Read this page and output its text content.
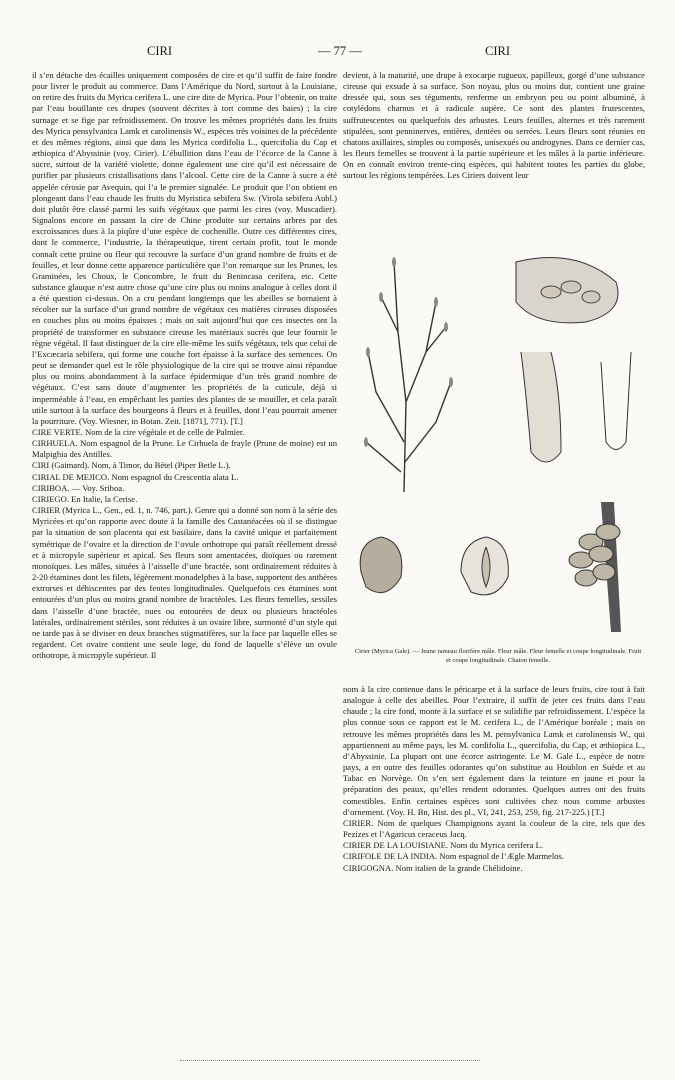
CIRI	— 77 —	CIRI

il s’en détache des écailles uniquement composées de cire et qu’il suffit de faire fondre pour livrer le produit au commerce. Dans l’Amérique du Nord, surtout à la Louisiane, on retire des fruits du Myrica cerifera L. une cire dite de Myrica. Pour l’obtenir, on traite par l’eau bouillante ces drupes (souvent décrites à tort comme des baies) ; la cire surnage et se fige par refroidissement. On trouve les mêmes propriétés dans les fruits des Myrica pensylvanica Lamk et carolinensis W., espèces très voisines de la précédente et des mêmes régions, ainsi que dans les Myrica cordifolia L., quercifolia du Cap et æthiopica d’Abyssinie (voy. Cirier). L’ébullition dans l’eau de l’écorce de la Canne à sucre, surtout de la variété violette, donne également une cire qu’il est nécessaire de purifier par plusieurs cristallisations dans l’alcool. Cette cire de la Canne à sucre a été appelée cérosie par Avequin, qui l’a le premier signalée. Le produit que l’on obtient en plongeant dans l’eau chaude les fruits du Myristica sebifera Sw. (Virola sebifera Aubl.) doit plutôt être classé parmi les suifs végétaux que parmi les cires (voy. Muscadier). Signalons encore en passant la cire de Chine produite sur certains arbres par des excroissances dues à la piqûre d’une espèce de cochenille. Outre ces différentes cires, dont le commerce, l’industrie, la thérapeutique, tirent certain profit, tout le monde connaît cette pruine ou fleur qui recouvre la surface d’un grand nombre de fruits et de feuilles, et leur donne cette apparence particulière que l’on remarque sur les Prunes, les Graminées, les Choux, le Concombre, le fruit du Benincasa cerifera, etc. Cette substance glauque n’est autre chose qu’une cire plus ou moins analogue à celles dont il a été question ci-dessus. On a cru pendant longtemps que les abeilles se bornaient à récolter sur la surface d’un grand nombre de végétaux ces matières cireuses disposées en couches plus ou moins épaisses ; mais on sait aujourd’hui que ces insectes ont la propriété de transformer en substance cireuse les matériaux sucrés que leur fournit le règne végétal. Il faut distinguer de la cire elle-même les suifs végétaux, tels que celui de l’Excæcaria sebifera, qui forme une couche fort épaisse à la surface des semences. On peut se demander quel est le rôle physiologique de la cire qui se trouve ainsi répandue plus ou moins abondamment à la surface épidermique d’un très grand nombre de végétaux. C’est sans doute d’augmenter les propriétés de la cuticule, déjà si imperméable à l’eau, en empêchant les parties des plantes de se mouiller, et cela paraît utile surtout à la surface des bourgeons à fleurs et à feuilles, dont l’eau pourrait amener la pourriture. (Voy. Wiesner, in Botan. Zeit. [1871], 771). [T.]

CIRE VERTE. Nom de la cire végétale et de celle de Palmier.

CIRHUELA. Nom espagnol de la Prune. Le Cirhuela de frayle (Prune de moine) est un Malpighia des Antilles.

CIRI (Gaimard). Nom, à Timor, du Bétel (Piper Betle L.).

CIRIAL DE MEJICO. Nom espagnol du Crescentia alata L.

CIRIBOA. — Voy. Sriboa.

CIRIEGO. En Italie, la Cerise.

CIRIER (Myrica L., Gen., ed. 1, n. 746, part.). Genre qui a donné son nom à la série des Myricées et qu’on rapporte avec doute à la famille des Castanéacées où il se distingue par la situation de son placenta qui est basilaire, dans la cavité unique et parfaitement symétrique de l’ovaire et la direction de l’ovule orthotrope qui paraît réellement dressé et à micropyle supérieur et apical. Ses fleurs sont amentacées, dioïques ou rarement monoïques. Les mâles, situées à l’aisselle d’une bractée, sont ordinairement réduites à 2-20 étamines dont les filets, légèrement monadelphes à la base, supportent des anthères extrorses et déhiscentes par des fentes longitudinales. Quelquefois ces étamines sont entourées d’un plus ou moins grand nombre de bractéoles. Les fleurs femelles, sessiles dans l’aisselle d’une bractée, nues ou entourées de deux ou plusieurs bractéoles latérales, ordinairement stériles, sont réduites à un ovaire libre, surmonté d’un style qui ne tarde pas à se diviser en deux branches stigmatifères, sur la face par laquelle elles se regardent. Cet ovaire contient une seule loge, du fond de laquelle s’élève un ovule orthotrope, à micropyle supérieur. Il

devient, à la maturité, une drupe à exocarpe rugueux, papilleux, gorgé d’une substance cireuse qui exsude à sa surface. Son noyau, plus ou moins dur, contient une graine dressée qui, sous ses téguments, renferme un embryon peu ou point albuminé, à cotylédons charnus et à radicule supère. Ce sont des plantes frutescentes, suffrutescentes ou quelquefois des arbustes. Leurs feuilles, alternes et très rarement stipulées, sont penninerves, entières, dentées ou serrées. Leurs fleurs sont réunies en chatons axillaires, simples ou composés, unisexués ou androgynes. Dans ce dernier cas, les fleurs femelles se trouvent à la partie supérieure et les mâles à la partie inférieure. On en connaît environ trente-cinq espèces, qui habitent toutes les parties du globe, surtout les régions tempérées. Les Ciriers doivent leur

Cirier (Myrica Gale). — Jeune rameau florifère mâle. Fleur mâle. Fleur femelle et coupe longitudinale. Fruit et coupe longitudinale. Chaton femelle.

nom à la cire contenue dans le péricarpe et à la surface de leurs fruits, cire tout à fait analogue à celle des abeilles. Pour l’extraire, il suffit de jeter ces fruits dans l’eau chaude ; la cire fond, monte à la surface et se solidifie par refroidissement. L’espèce la plus connue sous ce rapport est le M. cerifera L., de l’Amérique boréale ; mais on retrouve les mêmes propriétés dans les M. pensylvanica Lamk et carolinensis W., qui appartiennent au même pays, les M. cordifolia L., quercifolia, du Cap, et æthiopica L., d’Abyssinie. La plupart ont une écorce astringente. Le M. Gale L., espèce de notre pays, a en outre des feuilles odorantes qu’on substitue au Houblon en Suède et au Tabac en Norvège. On s’en sert également dans la teinture en jaune et pour la préparation des peaux, qu’elles rendent odorantes. Quelques autres ont des fruits comestibles. Enfin certaines espèces sont cultivées chez nous comme arbustes d’ornement. (Voy. H. Bn, Hist. des pl., VI, 241, 253, 259, fig. 217-225.) [T.]

CIRIER. Nom de quelques Champignons ayant la couleur de la cire, tels que des Pezizes et l’Agaricus ceraceus Jacq.

CIRIER DE LA LOUISIANE. Nom du Myrica cerifera L.

CIRIFOLE DE LA INDIA. Nom espagnol de l’Ægle Marmelos.

CIRIGOGNA. Nom italien de la grande Chélidoine.
